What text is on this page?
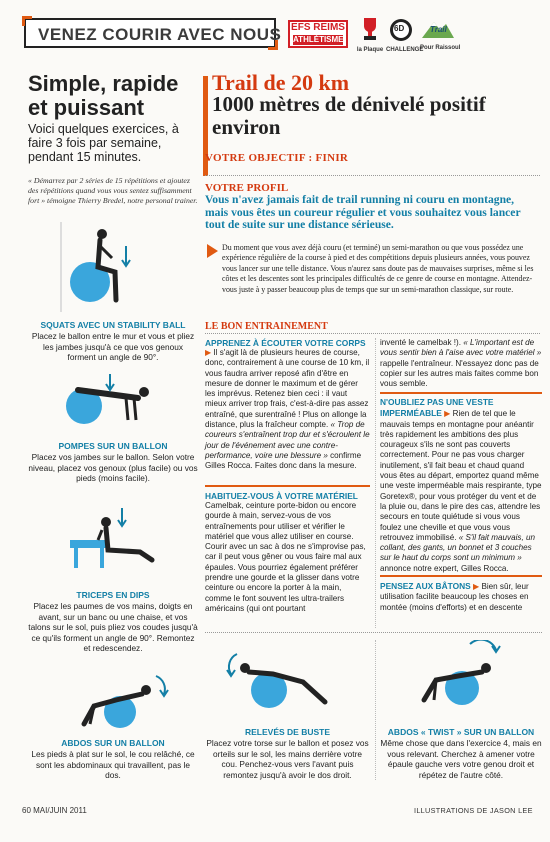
VENEZ COURIR AVEC NOUS EFS REIMS
ATHLÉTISME
la Plaque
6D
CHALLENGE
Trail
Pour Raissoul
Simple, rapide et puissant
Voici quelques exercices, à faire 3 fois par semaine, pendant 15 minutes.
« Démarrez par 2 séries de 15 répétitions et ajoutez des répétitions quand vous vous sentez suffisamment fort » témoigne Thierry Bredel, notre personal trainer.
SQUATS AVEC UN STABILITY BALL
Placez le ballon entre le mur et vous et pliez les jambes jusqu'à ce que vos genoux forment un angle de 90°.
POMPES SUR UN BALLON
Placez vos jambes sur le ballon. Selon votre niveau, placez vos genoux (plus facile) ou vos pieds (moins facile).
TRICEPS EN DIPS
Placez les paumes de vos mains, doigts en avant, sur un banc ou une chaise, et vos talons sur le sol, puis pliez vos coudes jusqu'à ce qu'ils forment un angle de 90°. Remontez et redescendez.
ABDOS SUR UN BALLON
Les pieds à plat sur le sol, le cou relâché, ce sont les abdominaux qui travaillent, pas le dos.
Trail de 20 km
1000 mètres de dénivelé positif environ
VOTRE OBJECTIF : FINIR
VOTRE PROFIL
Vous n'avez jamais fait de trail running ni couru en montagne, mais vous êtes un coureur régulier et vous souhaitez vous lancer tout de suite sur une distance sérieuse.
Du moment que vous avez déjà couru (et terminé) un semi-marathon ou que vous possédez une expérience régulière de la course à pied et des compétitions depuis plusieurs années, vous pouvez vous lancer sur une telle distance. Vous n'aurez sans doute pas de mauvaises surprises, même si les côtes et les descentes sont les principales difficultés de ce genre de course en montagne. Attendez-vous juste à y passer beaucoup plus de temps que sur un semi-marathon classique, sur route.
LE BON ENTRAINEMENT
APPRENEZ À ÉCOUTER VOTRE CORPS
▶ Il s'agit là de plusieurs heures de course, donc, contrairement à une course de 10 km, il vous faudra arriver reposé afin d'être en mesure de donner le maximum et de gérer les imprévus. Retenez bien ceci : il vaut mieux arriver trop frais, c'est-à-dire pas assez entraîné, que surentraîné ! Plus on allonge la distance, plus la fraîcheur compte. « Trop de coureurs s'entraînent trop dur et s'écroulent le jour de l'événement avec une contre-performance, voire une blessure » confirme Gilles Rocca. Faites donc dans la mesure.
HABITUEZ-VOUS À VOTRE MATÉRIEL
Camelbak, ceinture porte-bidon ou encore gourde à main, servez-vous de vos entraînements pour utiliser et vérifier le matériel que vous allez utiliser en course. Courir avec un sac à dos ne s'improvise pas, car il peut vous gêner ou vous faire mal aux épaules. Vous pourriez également préférer prendre une gourde et la glisser dans votre ceinture ou encore la porter à la main, comme le font souvent les ultra-trailers américains (qui ont pourtant
inventé le camelbak !). « L'important est de vous sentir bien à l'aise avec votre matériel » rappelle l'entraîneur. N'essayez donc pas de copier sur les autres mais faites comme bon vous semble.
N'OUBLIEZ PAS UNE VESTE IMPERMÉABLE ▶ Rien de tel que le mauvais temps en montagne pour anéantir très rapidement les ambitions des plus courageux s'ils ne sont pas couverts correctement. Pour ne pas vous charger inutilement, s'il fait beau et chaud quand vous êtes au départ, emportez quand même une veste imperméable mais respirante, type Goretex®, pour vous protéger du vent et de la pluie ou, dans le pire des cas, attendre les secours en toute quiétude si vous vous foulez une cheville et que vous vous retrouvez immobilisé. « S'il fait mauvais, un collant, des gants, un bonnet et 3 couches sur le haut du corps sont un minimum » annonce notre expert, Gilles Rocca.
PENSEZ AUX BÂTONS ▶ Bien sûr, leur utilisation facilite beaucoup les choses en montée (moins d'efforts) et en descente
RELEVÉS DE BUSTE
Placez votre torse sur le ballon et posez vos orteils sur le sol, les mains derrière votre cou. Penchez-vous vers l'avant puis remontez jusqu'à avoir le dos droit.
ABDOS « TWIST » SUR UN BALLON
Même chose que dans l'exercice 4, mais en vous relevant. Cherchez à amener votre épaule gauche vers votre genou droit et répétez de l'autre côté.
60 MAI/JUIN 2011	ILLUSTRATIONS DE JASON LEE
